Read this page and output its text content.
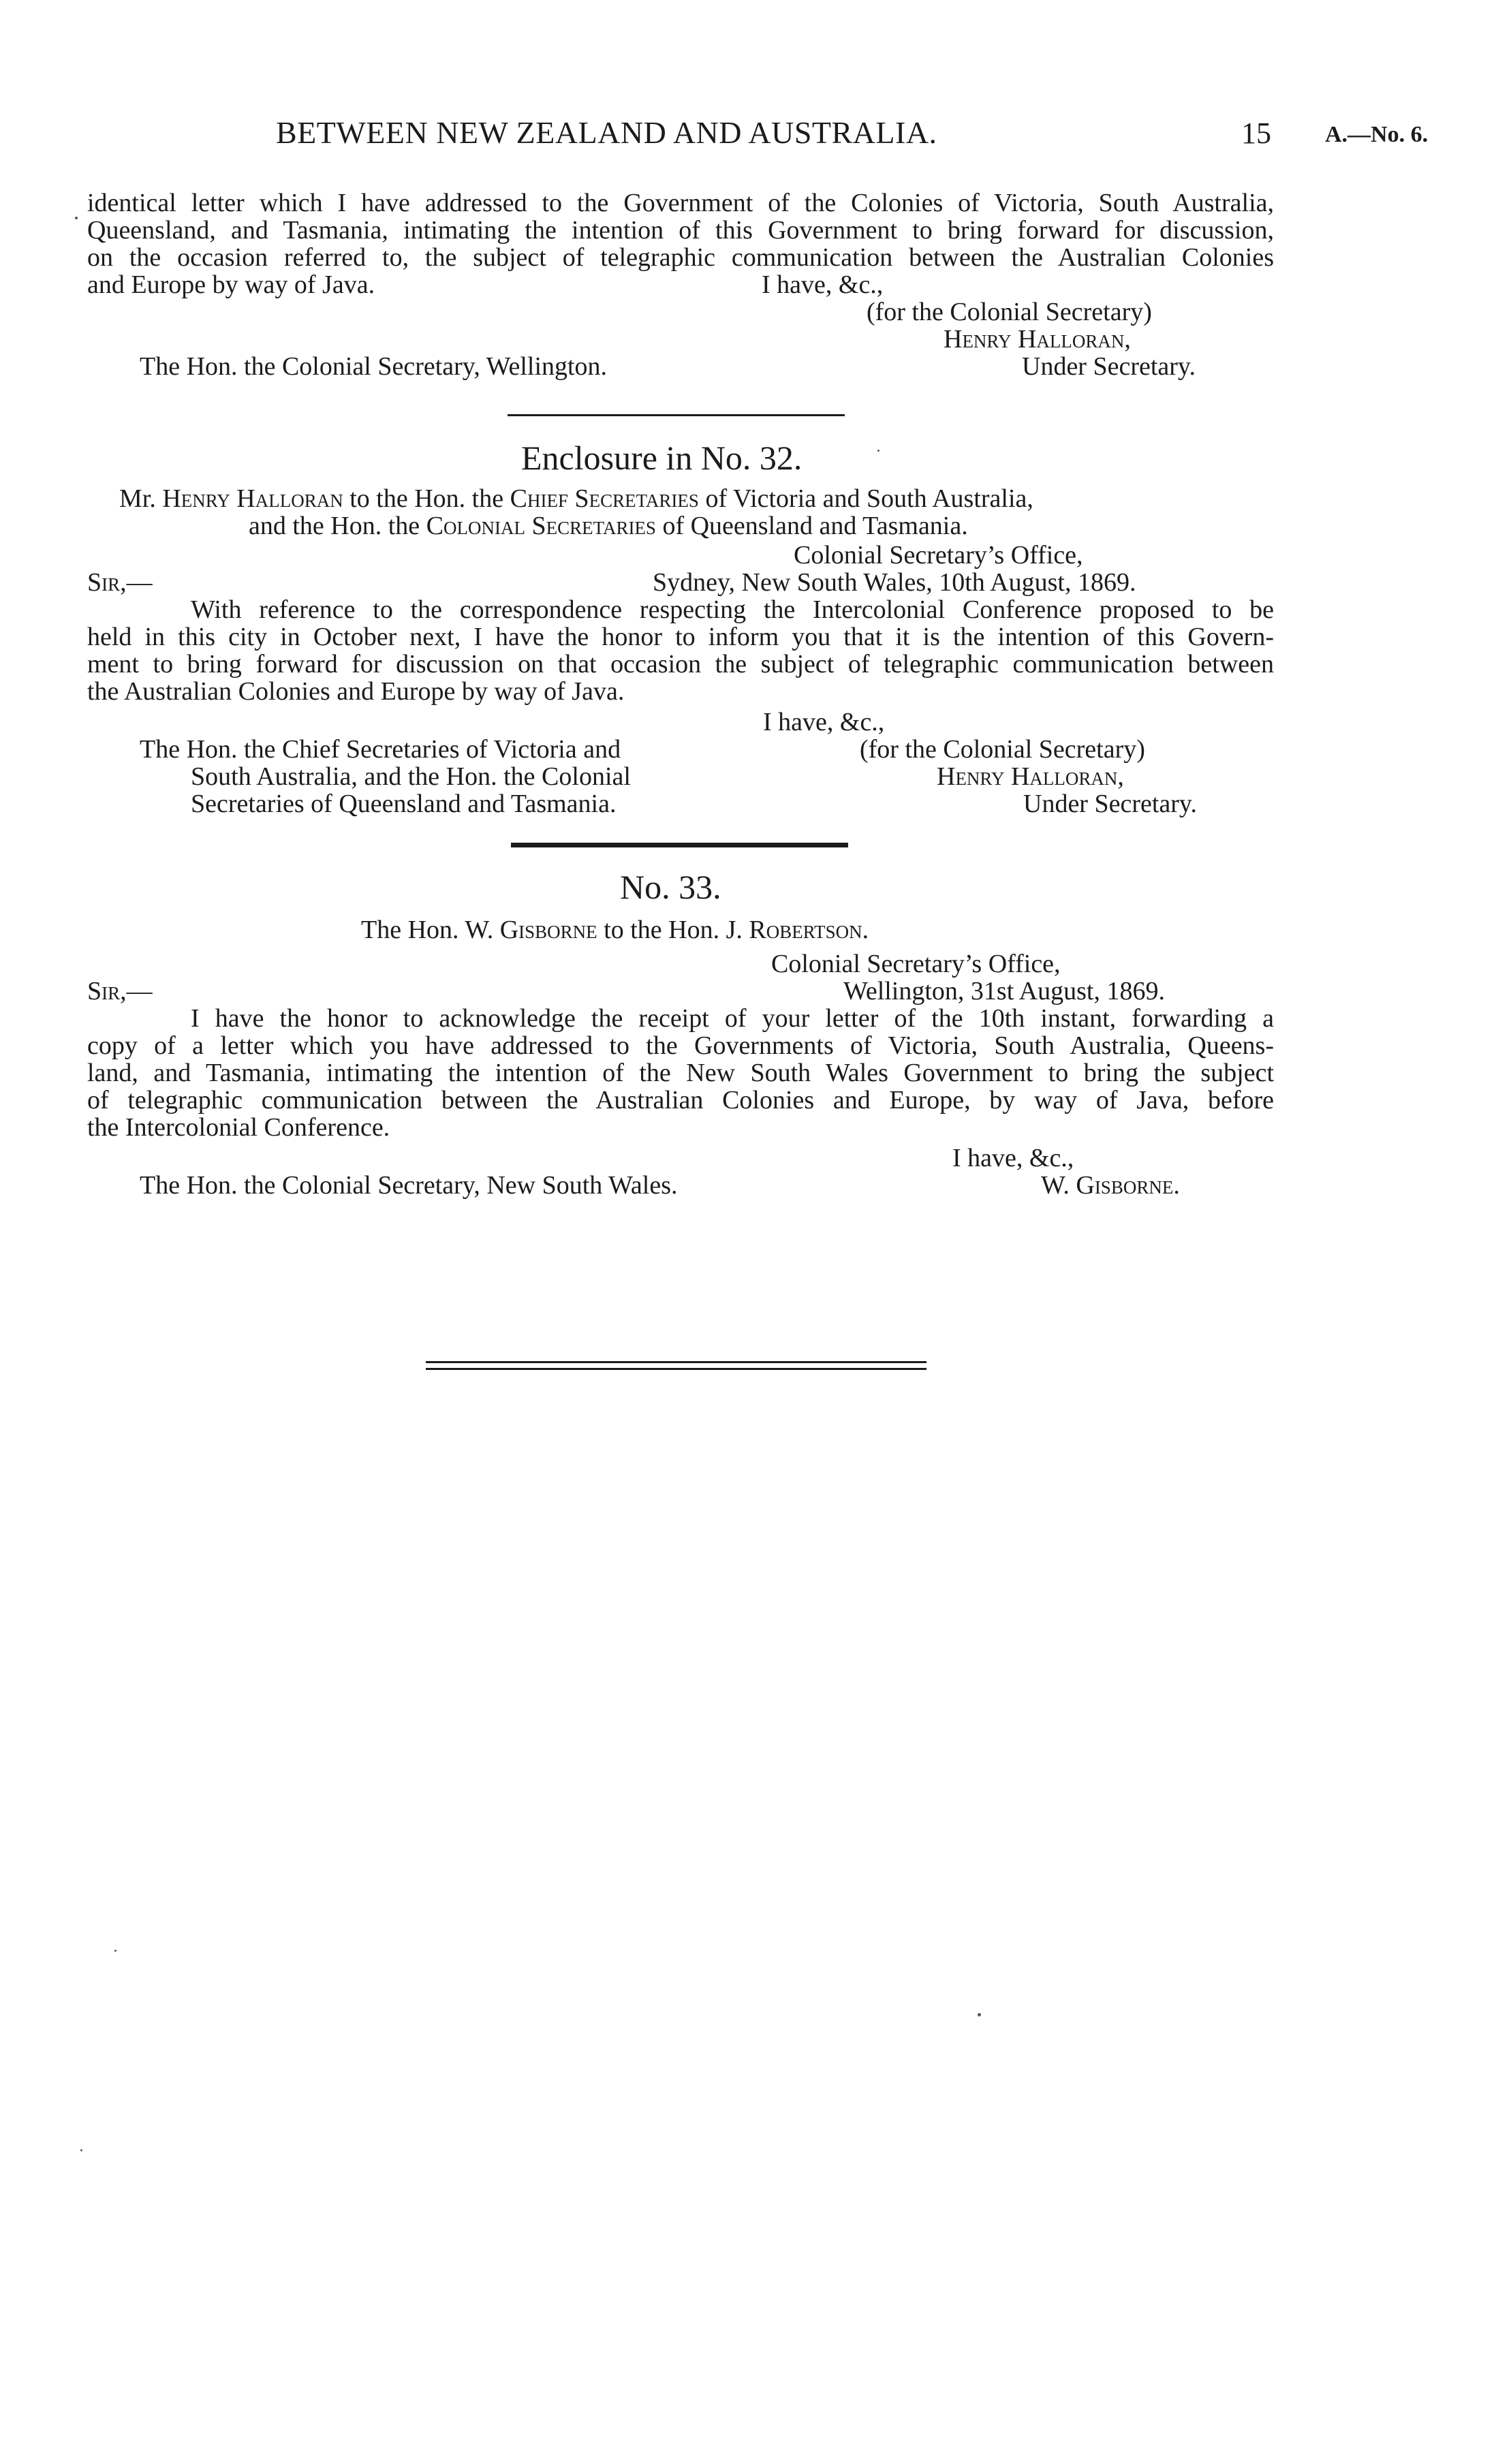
BETWEEN NEW ZEALAND AND AUSTRALIA.	15 A.—No. 6.
identical letter which I have addressed to the Government of the Colonies of Victoria, South Australia,
Queensland, and Tasmania, intimating the intention of this Government to bring forward for discussion,
on the occasion referred to, the subject of telegraphic communication between the Australian Colonies
and Europe by way of Java.	I have, &c.,
(for the Colonial Secretary)
Henry Halloran,
The Hon. the Colonial Secretary, Wellington.	Under Secretary.
Enclosure in No. 32.
Mr. Henry Halloran to the Hon. the Chief Secretaries of Victoria and South Australia,
and the Hon. the Colonial Secretaries of Queensland and Tasmania.
Colonial Secretary’s Office,
Sir,—	Sydney, New South Wales, 10th August, 1869.
With reference to the correspondence respecting the Intercolonial Conference proposed to be
held in this city in October next, I have the honor to inform you that it is the intention of this Govern-
ment to bring forward for discussion on that occasion the subject of telegraphic communication between
the Australian Colonies and Europe by way of Java.
I have, &c.,
The Hon. the Chief Secretaries of Victoria and	(for the Colonial Secretary)
South Australia, and the Hon. the Colonial	Henry Halloran,
Secretaries of Queensland and Tasmania.	Under Secretary.
No. 33.
The Hon. W. Gisborne to the Hon. J. Robertson.
Colonial Secretary’s Office,
Sir,—	Wellington, 31st August, 1869.
I have the honor to acknowledge the receipt of your letter of the 10th instant, forwarding a
copy of a letter which you have addressed to the Governments of Victoria, South Australia, Queens-
land, and Tasmania, intimating the intention of the New South Wales Government to bring the subject
of telegraphic communication between the Australian Colonies and Europe, by way of Java, before
the Intercolonial Conference.
I have, &c.,
The Hon. the Colonial Secretary, New South Wales.	W. Gisborne.
